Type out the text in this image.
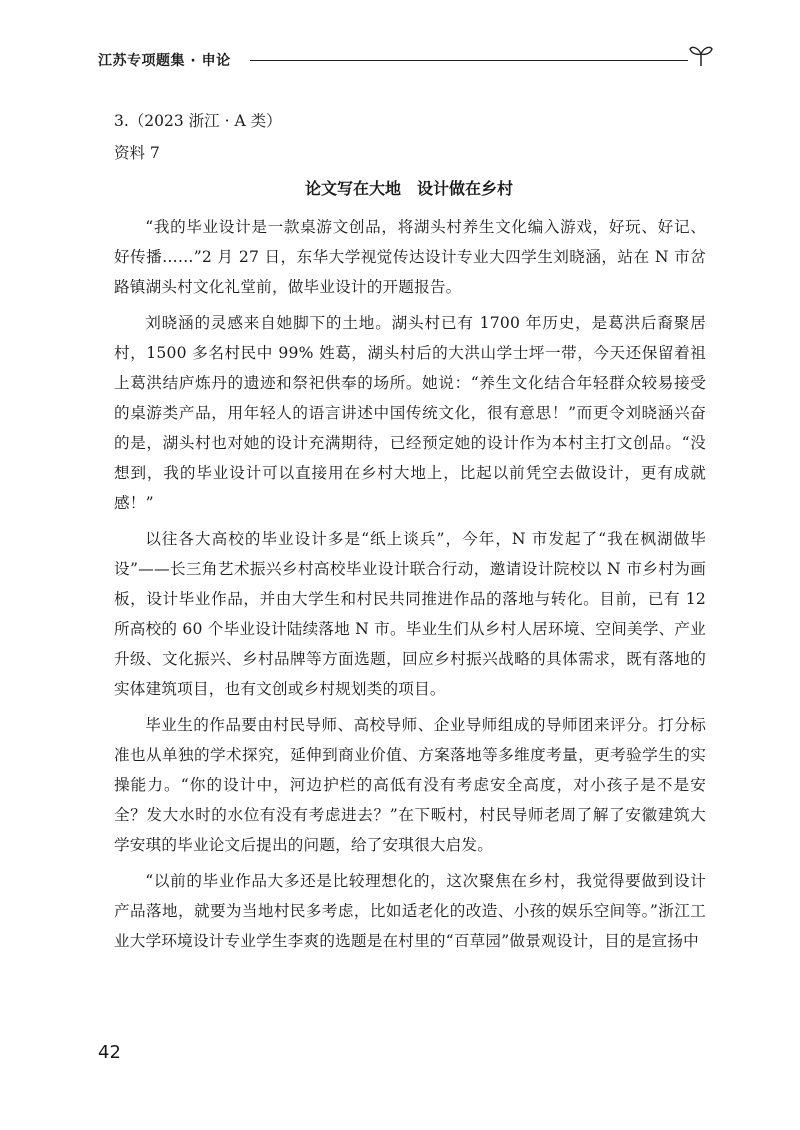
江苏专项题集 · 申论
3.（2023 浙江 · A 类）
资料 7
论文写在大地　设计做在乡村

“我的毕业设计是一款桌游文创品，将湖头村养生文化编入游戏，好玩、好记、好传播……”2 月 27 日，东华大学视觉传达设计专业大四学生刘晓涵，站在 N 市岔路镇湖头村文化礼堂前，做毕业设计的开题报告。

刘晓涵的灵感来自她脚下的土地。湖头村已有 1700 年历史，是葛洪后裔聚居村，1500 多名村民中 99% 姓葛，湖头村后的大洪山学士坪一带，今天还保留着祖上葛洪结庐炼丹的遗迹和祭祀供奉的场所。她说：“养生文化结合年轻群众较易接受的桌游类产品，用年轻人的语言讲述中国传统文化，很有意思！”而更令刘晓涵兴奋的是，湖头村也对她的设计充满期待，已经预定她的设计作为本村主打文创品。“没想到，我的毕业设计可以直接用在乡村大地上，比起以前凭空去做设计，更有成就感！”

以往各大高校的毕业设计多是“纸上谈兵”，今年，N 市发起了“我在枫湖做毕设”——长三角艺术振兴乡村高校毕业设计联合行动，邀请设计院校以 N 市乡村为画板，设计毕业作品，并由大学生和村民共同推进作品的落地与转化。目前，已有 12 所高校的 60 个毕业设计陆续落地 N 市。毕业生们从乡村人居环境、空间美学、产业升级、文化振兴、乡村品牌等方面选题，回应乡村振兴战略的具体需求，既有落地的实体建筑项目，也有文创或乡村规划类的项目。

毕业生的作品要由村民导师、高校导师、企业导师组成的导师团来评分。打分标准也从单独的学术探究，延伸到商业价值、方案落地等多维度考量，更考验学生的实操能力。“你的设计中，河边护栏的高低有没有考虑安全高度，对小孩子是不是安全？发大水时的水位有没有考虑进去？”在下畈村，村民导师老周了解了安徽建筑大学安琪的毕业论文后提出的问题，给了安琪很大启发。

“以前的毕业作品大多还是比较理想化的，这次聚焦在乡村，我觉得要做到设计产品落地，就要为当地村民多考虑，比如适老化的改造、小孩的娱乐空间等。”浙江工业大学环境设计专业学生李爽的选题是在村里的“百草园”做景观设计，目的是宣扬中

42
